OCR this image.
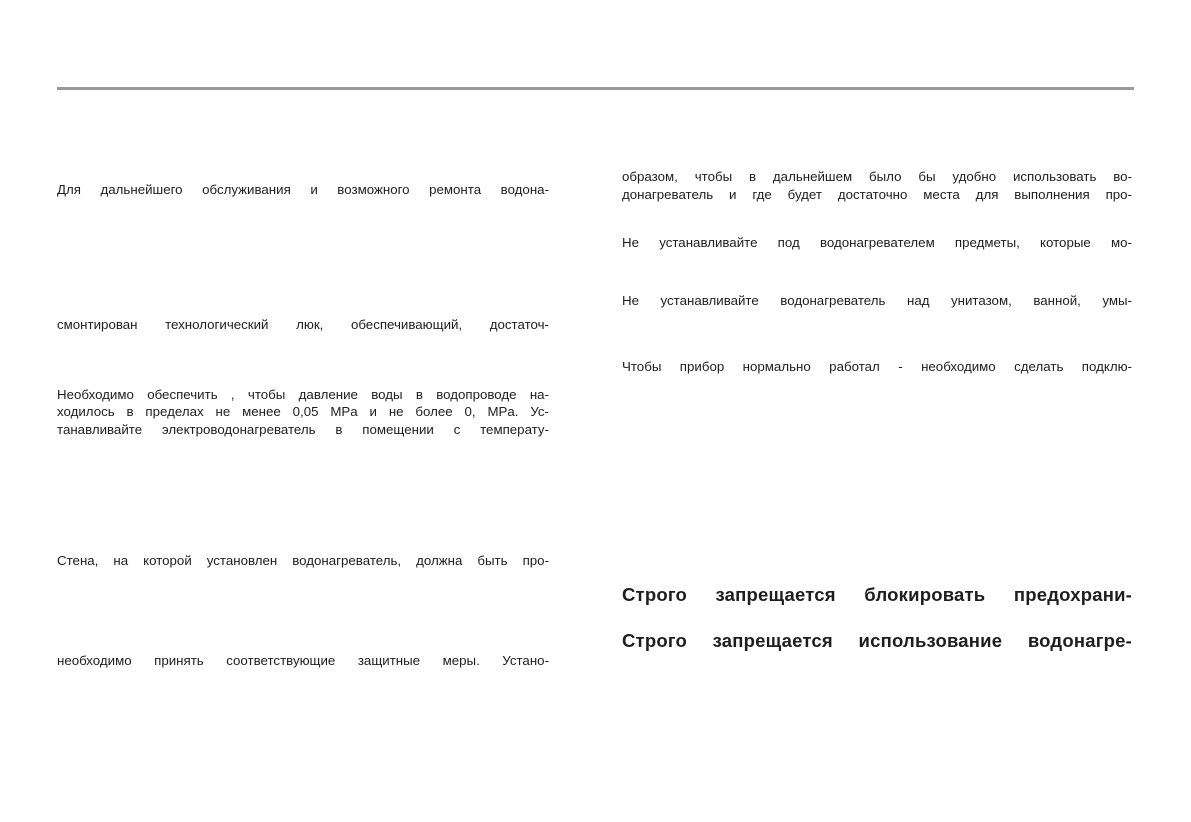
Для дальнейшего обслуживания и возможного ремонта водона-
смонтирован технологический люк, обеспечивающий, достаточ-
Необходимо обеспечить , чтобы давление воды в водопроводе на-
ходилось в пределах не менее 0,05 MPa и не более 0, MPa. Ус-
танавливайте электроводонагреватель в помещении с температу-
Стена, на которой установлен водонагреватель, должна быть про-
необходимо принять соответствующие защитные меры. Устано-
образом, чтобы в дальнейшем было бы удобно использовать во-
донагреватель и где будет достаточно места для выполнения про-
Не устанавливайте под водонагревателем предметы, которые мо-
Не устанавливайте водонагреватель над унитазом, ванной, умы-
Чтобы прибор нормально работал - необходимо сделать подклю-
Строго запрещается блокировать предохрани-
Строго запрещается использование водонагре-
